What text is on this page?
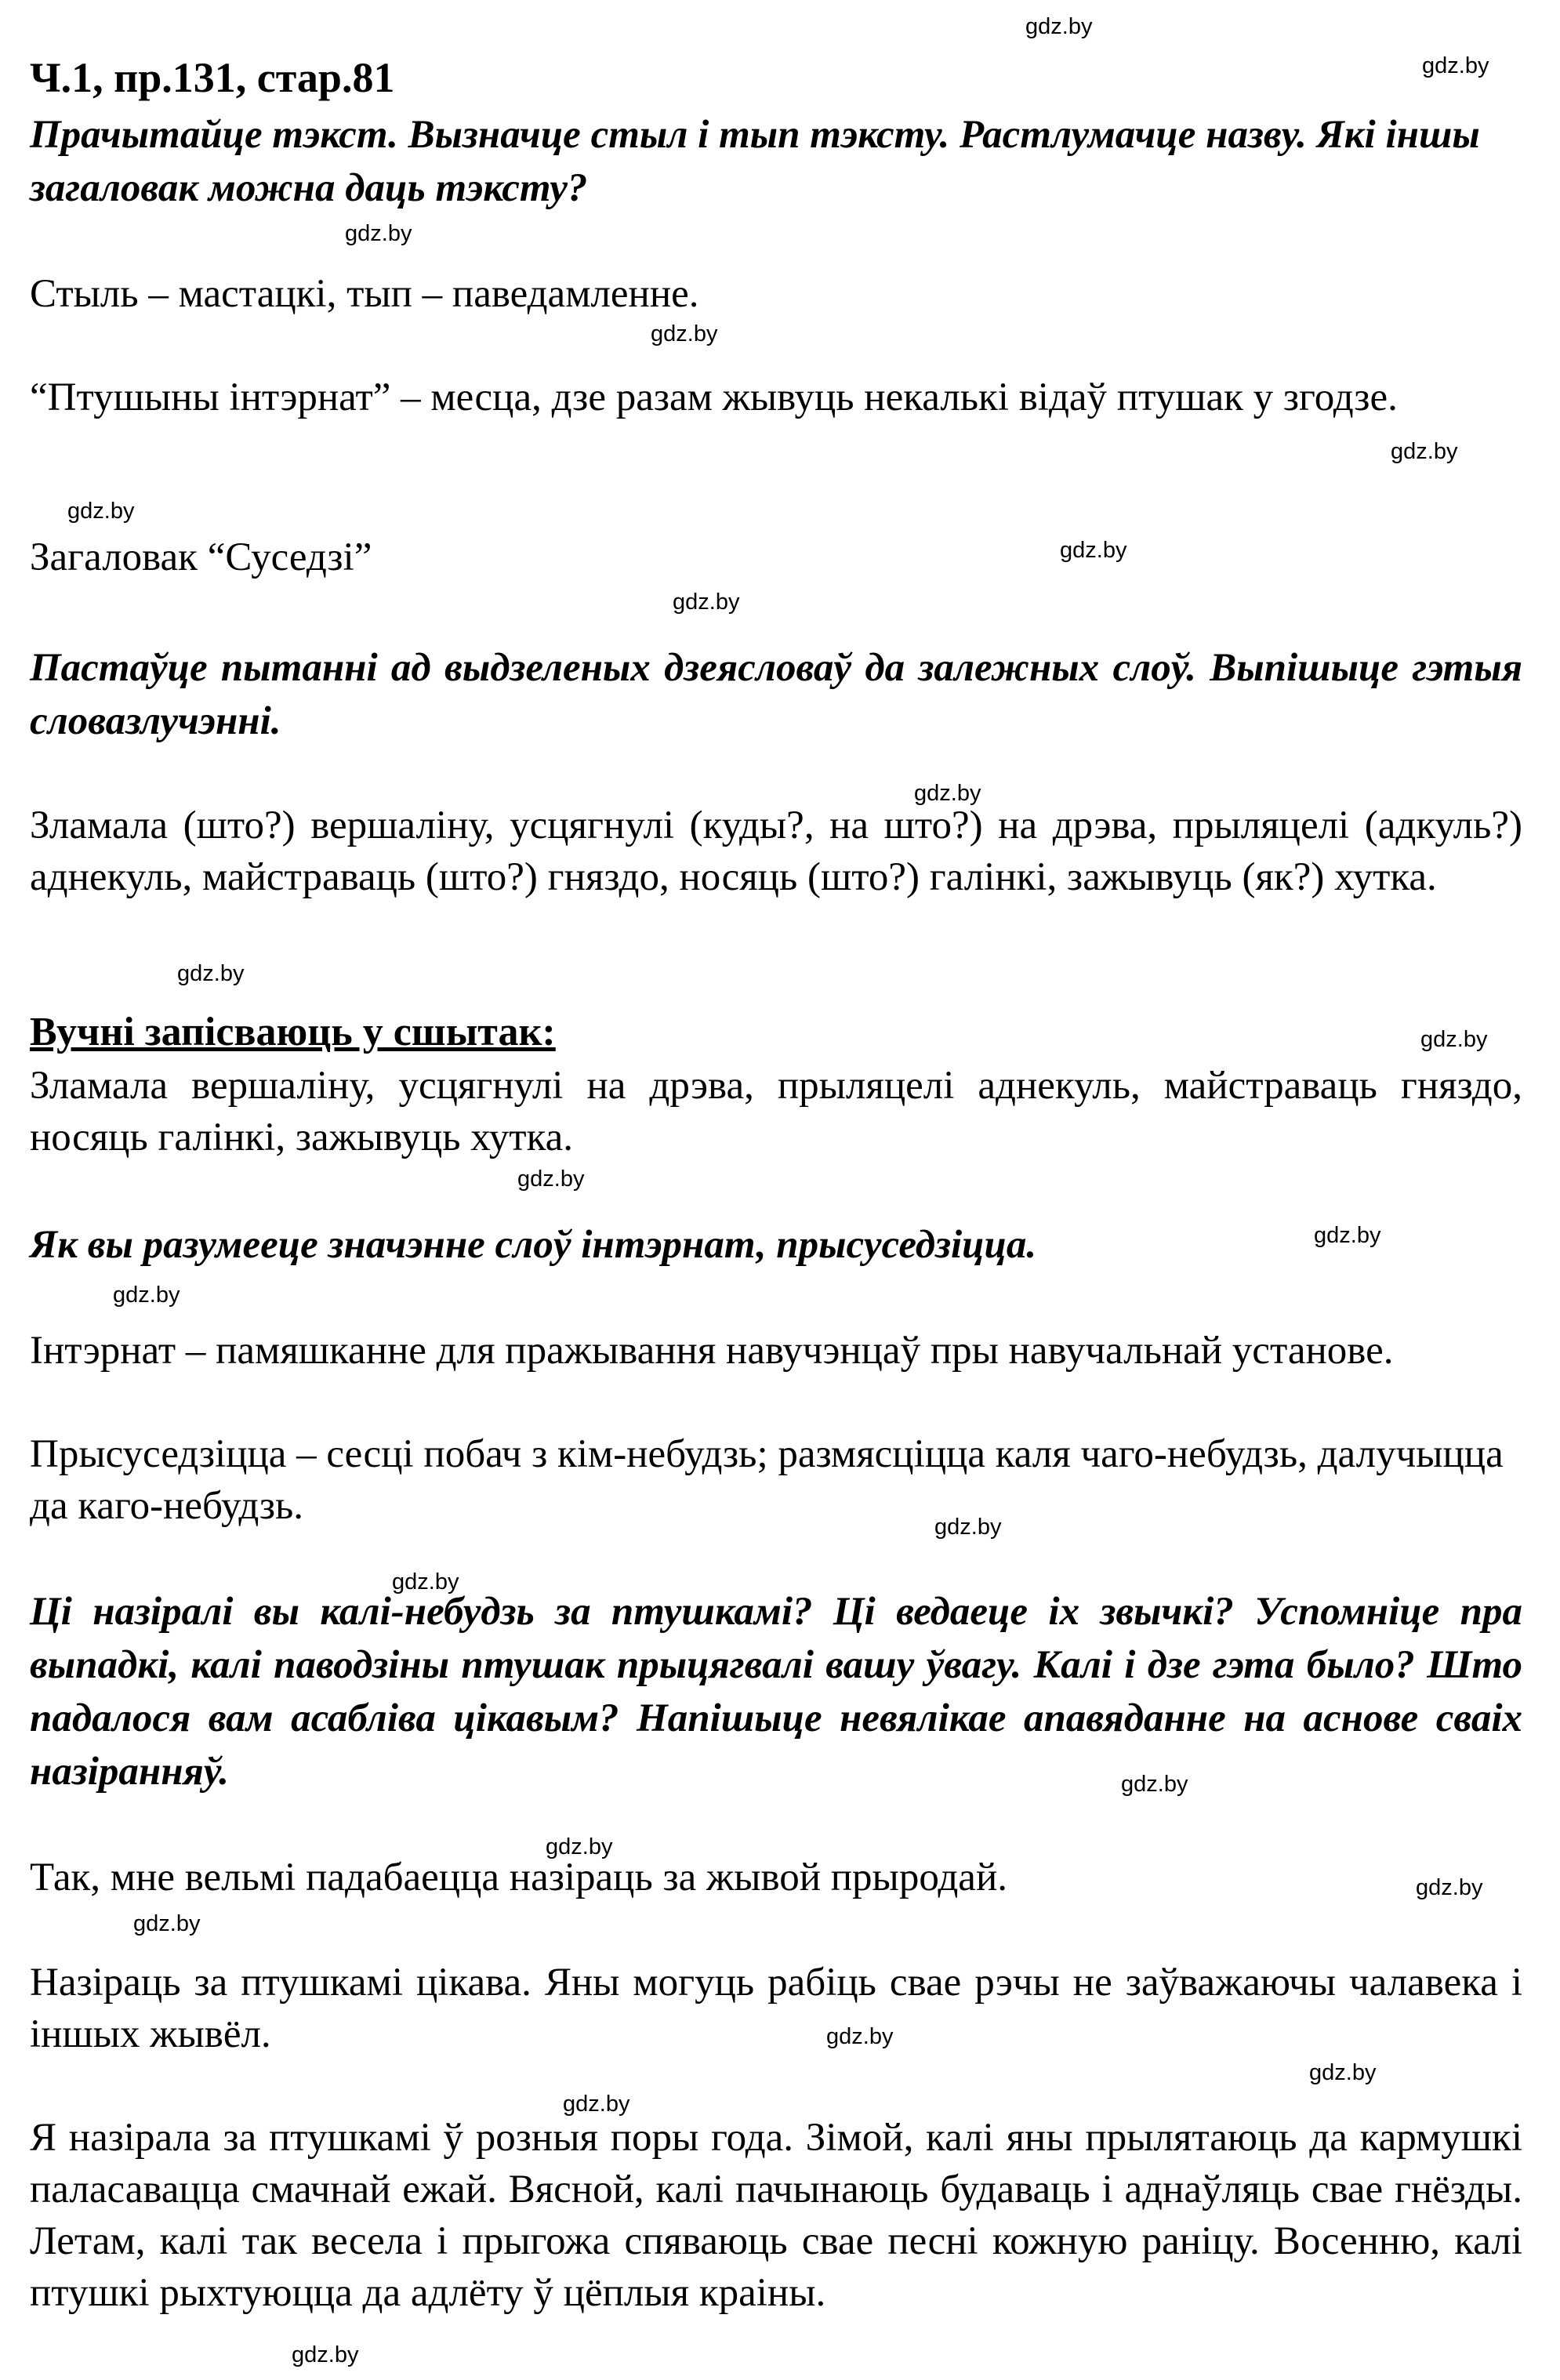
gdz.by
gdz.by
gdz.by
gdz.by
gdz.by
gdz.by
gdz.by
gdz.by
gdz.by
gdz.by
gdz.by
gdz.by
gdz.by
gdz.by
gdz.by
gdz.by
gdz.by
gdz.by
gdz.by
gdz.by
gdz.by
gdz.by
gdz.by
gdz.by
Ч.1, пр.131, стар.81
Прачытайце тэкст. Вызначце стыл і тып тэксту. Растлумачце назву. Які іншы загаловак можна даць тэксту?
Стыль – мастацкі, тып – паведамленне.
“Птушыны інтэрнат” – месца, дзе разам жывуць некалькі відаў птушак у згодзе.
Загаловак “Суседзі”
Пастаўце пытанні ад выдзеленых дзеясловаў да залежных слоў. Выпішыце гэтыя словазлучэнні.
Зламала (што?) вершаліну, усцягнулі (куды?, на што?) на дрэва, прыляцелі (адкуль?) аднекуль, майстраваць (што?) гняздо, носяць (што?) галінкі, зажывуць (як?) хутка.
Вучні запісваюць у сшытак:
Зламала вершаліну, усцягнулі на дрэва, прыляцелі аднекуль, майстраваць гняздо, носяць галінкі, зажывуць хутка.
Як вы разумееце значэнне слоў інтэрнат, прысуседзіцца.
Інтэрнат – памяшканне для пражывання навучэнцаў пры навучальнай установе.
Прысуседзіцца – сесці побач з кім-небудзь; размясціцца каля чаго-небудзь, далучыцца да каго-небудзь.
Ці назіралі вы калі-небудзь за птушкамі? Ці ведаеце іх звычкі? Успомніце пра выпадкі, калі паводзіны птушак прыцягвалі вашу ўвагу. Калі і дзе гэта было? Што падалося вам асабліва цікавым? Напішыце невялікае апавяданне на аснове сваіх назіранняў.
Так, мне вельмі падабаецца назіраць за жывой прыродай.
Назіраць за птушкамі цікава. Яны могуць рабіць свае рэчы не заўважаючы чалавека і іншых жывёл.
Я назірала за птушкамі ў розныя поры года. Зімой, калі яны прылятаюць да кармушкі паласавацца смачнай ежай. Вясной, калі пачынаюць будаваць і аднаўляць свае гнёзды. Летам, калі так весела і прыгожа спяваюць свае песні кожную раніцу. Восенню, калі птушкі рыхтуюцца да адлёту ў цёплыя краіны.
